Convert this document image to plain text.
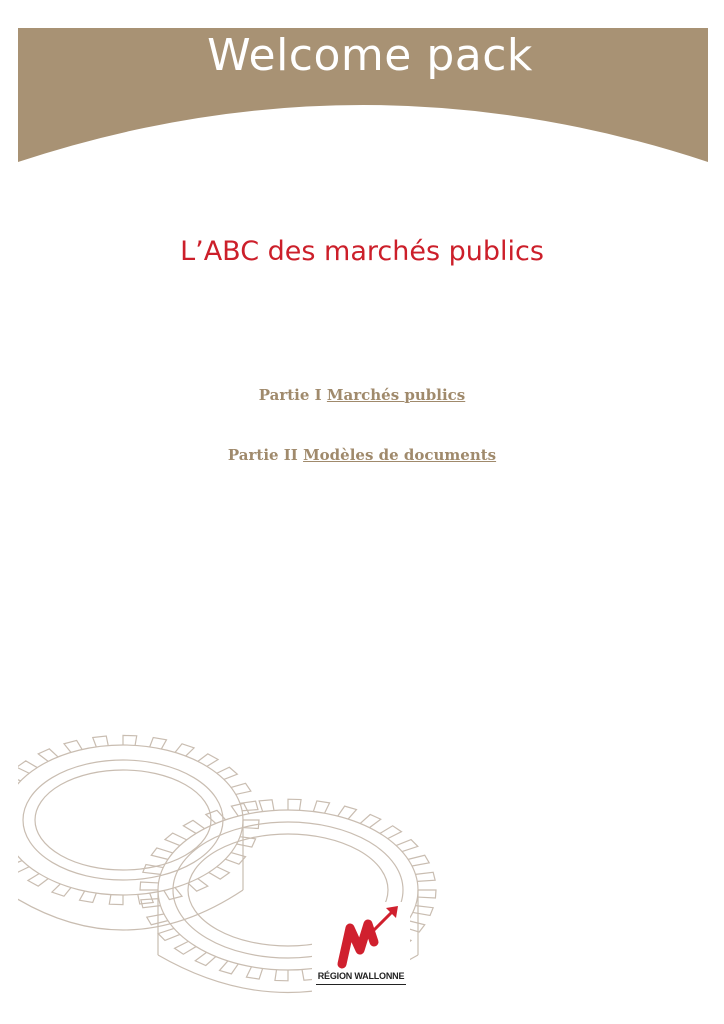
Welcome pack
L’ABC des marchés publics
Partie I Marchés publics
Partie II Modèles de documents
RÉGION WALLONNE
